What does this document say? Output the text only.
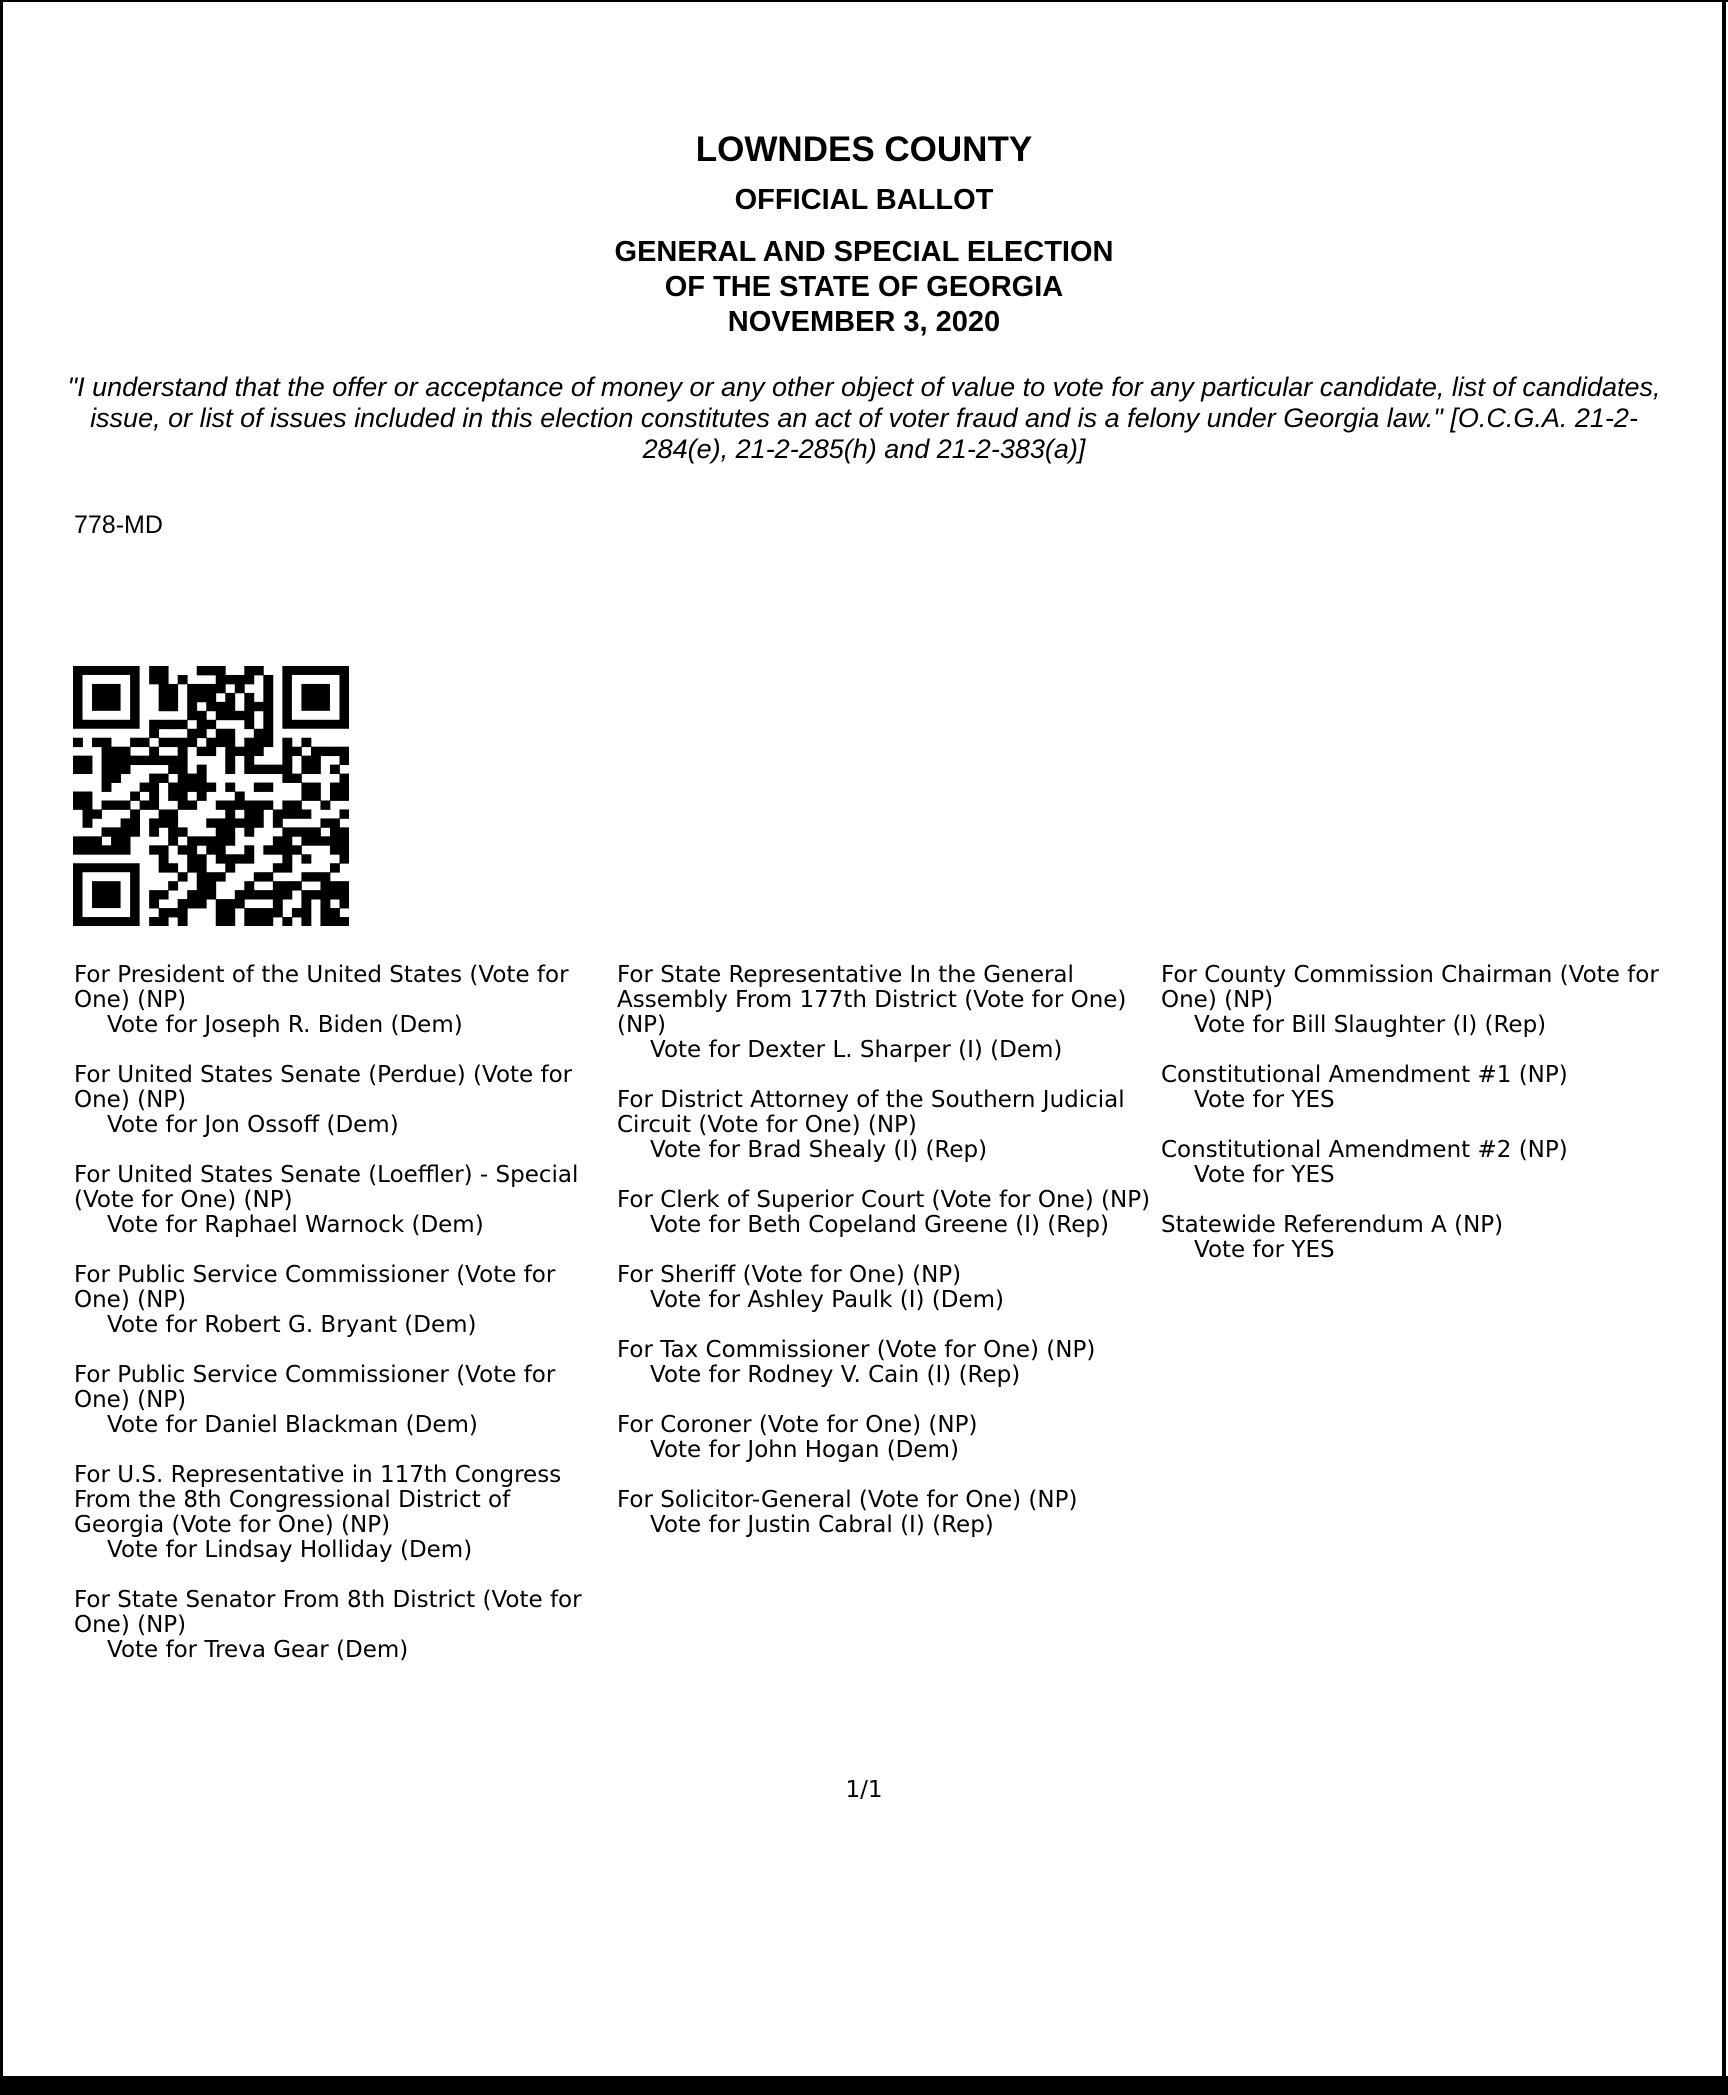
LOWNDES COUNTY
OFFICIAL BALLOT
GENERAL AND SPECIAL ELECTION
OF THE STATE OF GEORGIA
NOVEMBER 3, 2020
"I understand that the offer or acceptance of money or any other object of value to vote for any particular candidate, list of candidates, issue, or list of issues included in this election constitutes an act of voter fraud and is a felony under Georgia law." [O.C.G.A. 21-2-284(e), 21-2-285(h) and 21-2-383(a)]
778-MD
For President of the United States (Vote for One) (NP)
Vote for Joseph R. Biden (Dem)
For United States Senate (Perdue) (Vote for One) (NP)
Vote for Jon Ossoff (Dem)
For United States Senate (Loeffler) - Special (Vote for One) (NP)
Vote for Raphael Warnock (Dem)
For Public Service Commissioner (Vote for One) (NP)
Vote for Robert G. Bryant (Dem)
For Public Service Commissioner (Vote for One) (NP)
Vote for Daniel Blackman (Dem)
For U.S. Representative in 117th Congress From the 8th Congressional District of Georgia (Vote for One) (NP)
Vote for Lindsay Holliday (Dem)
For State Senator From 8th District (Vote for One) (NP)
Vote for Treva Gear (Dem)
For State Representative In the General Assembly From 177th District (Vote for One) (NP)
Vote for Dexter L. Sharper (I) (Dem)
For District Attorney of the Southern Judicial Circuit (Vote for One) (NP)
Vote for Brad Shealy (I) (Rep)
For Clerk of Superior Court (Vote for One) (NP)
Vote for Beth Copeland Greene (I) (Rep)
For Sheriff (Vote for One) (NP)
Vote for Ashley Paulk (I) (Dem)
For Tax Commissioner (Vote for One) (NP)
Vote for Rodney V. Cain (I) (Rep)
For Coroner (Vote for One) (NP)
Vote for John Hogan (Dem)
For Solicitor-General (Vote for One) (NP)
Vote for Justin Cabral (I) (Rep)
For County Commission Chairman (Vote for One) (NP)
Vote for Bill Slaughter (I) (Rep)
Constitutional Amendment #1 (NP)
Vote for YES
Constitutional Amendment #2 (NP)
Vote for YES
Statewide Referendum A (NP)
Vote for YES
1/1
